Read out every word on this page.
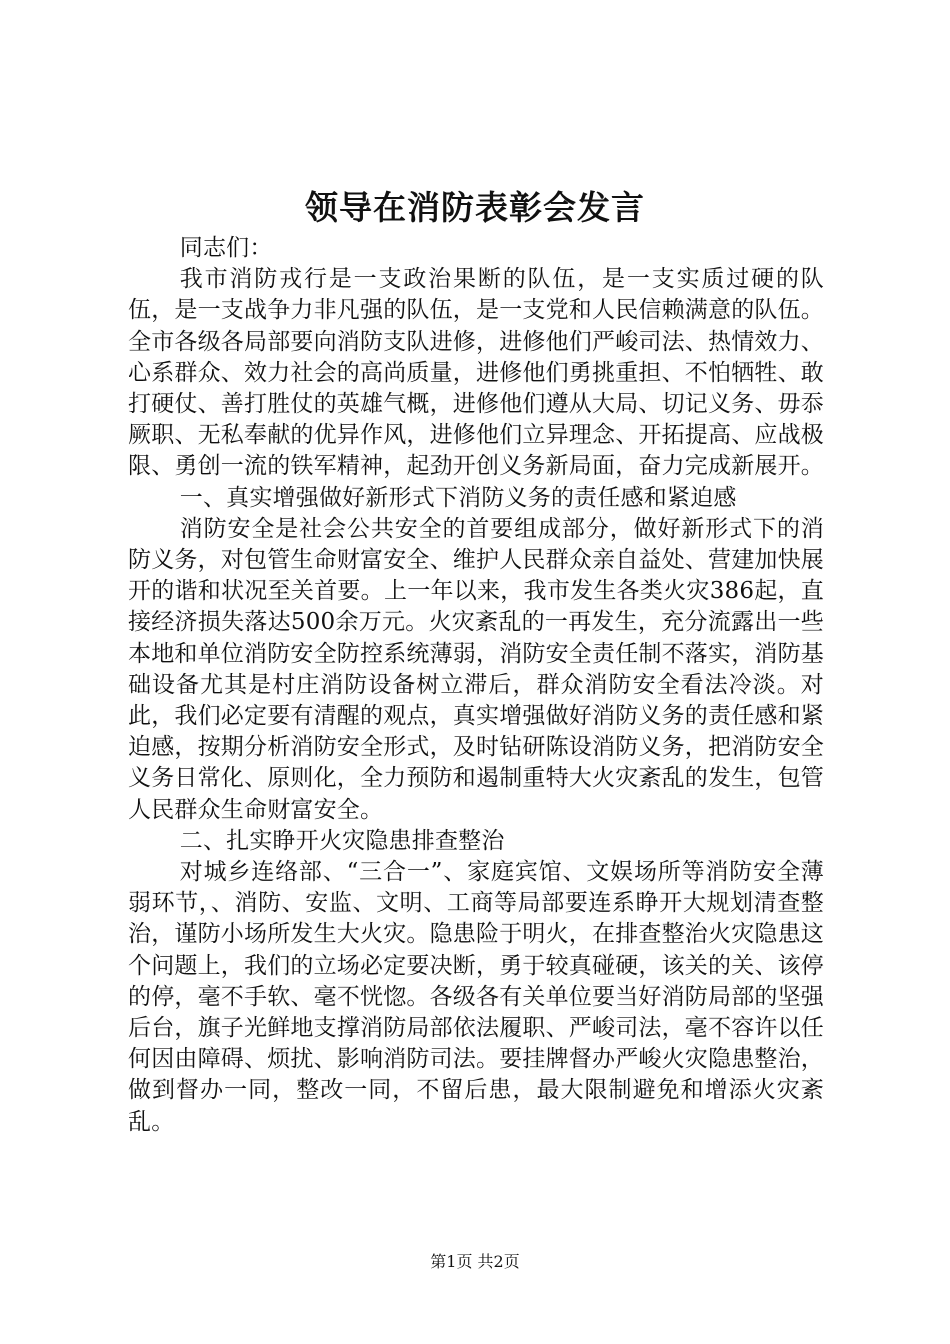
领导在消防表彰会发言

同志们：

我市消防戎行是一支政治果断的队伍，是一支实质过硬的队伍，是一支战争力非凡强的队伍，是一支党和人民信赖满意的队伍。全市各级各局部要向消防支队进修，进修他们严峻司法、热情效力、心系群众、效力社会的高尚质量，进修他们勇挑重担、不怕牺牲、敢打硬仗、善打胜仗的英雄气概，进修他们遵从大局、切记义务、毋忝厥职、无私奉献的优异作风，进修他们立异理念、开拓提高、应战极限、勇创一流的铁军精神，起劲开创义务新局面，奋力完成新展开。

一、真实增强做好新形式下消防义务的责任感和紧迫感

消防安全是社会公共安全的首要组成部分，做好新形式下的消防义务，对包管生命财富安全、维护人民群众亲自益处、营建加快展开的谐和状况至关首要。上一年以来，我市发生各类火灾386起，直接经济损失落达500余万元。火灾紊乱的一再发生，充分流露出一些本地和单位消防安全防控系统薄弱，消防安全责任制不落实，消防基础设备尤其是村庄消防设备树立滞后，群众消防安全看法冷淡。对此，我们必定要有清醒的观点，真实增强做好消防义务的责任感和紧迫感，按期分析消防安全形式，及时钻研陈设消防义务，把消防安全义务日常化、原则化，全力预防和遏制重特大火灾紊乱的发生，包管人民群众生命财富安全。

二、扎实睁开火灾隐患排查整治

对城乡连络部、“三合一”、家庭宾馆、文娱场所等消防安全薄弱环节，、消防、安监、文明、工商等局部要连系睁开大规划清查整治，谨防小场所发生大火灾。隐患险于明火，在排查整治火灾隐患这个问题上，我们的立场必定要决断，勇于较真碰硬，该关的关、该停的停，毫不手软、毫不恍惚。各级各有关单位要当好消防局部的坚强后台，旗子光鲜地支撑消防局部依法履职、严峻司法，毫不容许以任何因由障碍、烦扰、影响消防司法。要挂牌督办严峻火灾隐患整治，做到督办一同，整改一同，不留后患，最大限制避免和增添火灾紊乱。

第1页 共2页
